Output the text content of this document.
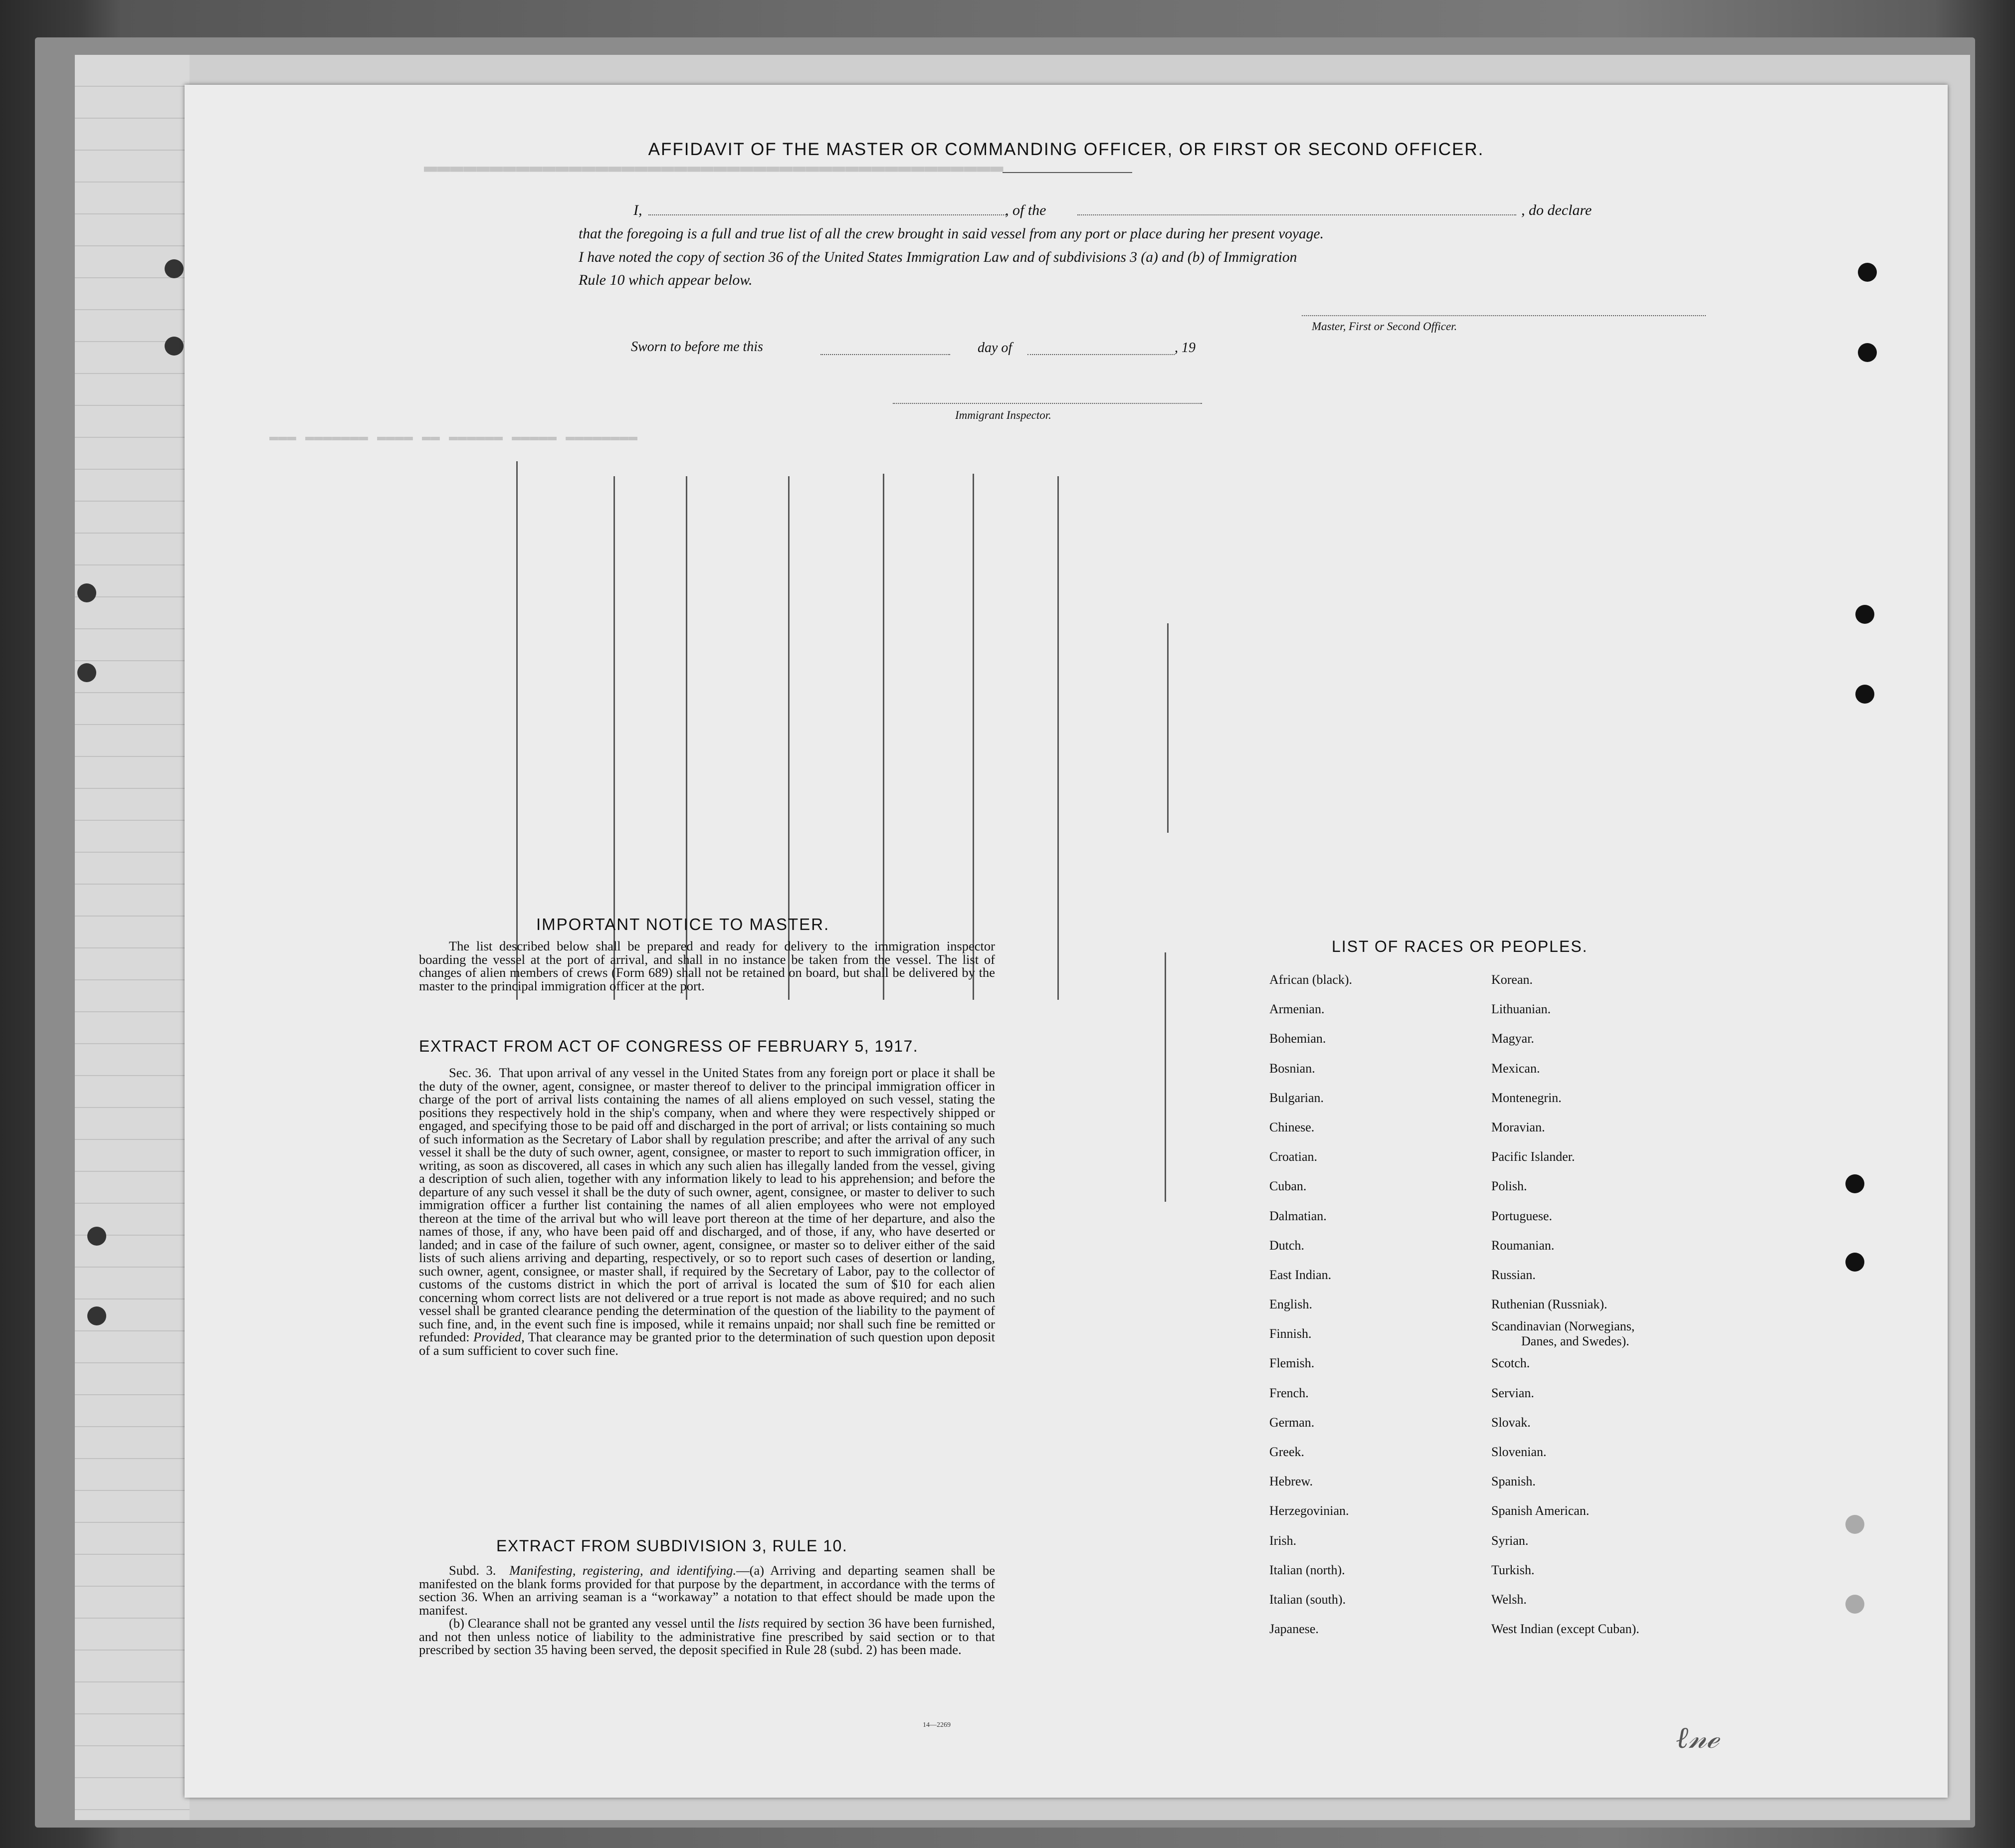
▬▬▬▬▬▬▬▬▬▬▬▬▬▬▬▬▬▬▬▬▬▬▬▬▬▬▬▬▬▬▬▬▬▬▬▬▬▬▬▬▬▬▬▬
▬▬▬ ▬▬▬▬▬▬▬ ▬▬▬▬ ▬▬ ▬▬▬▬▬▬ ▬▬▬▬▬ ▬▬▬▬▬▬▬▬
AFFIDAVIT OF THE MASTER OR COMMANDING OFFICER, OR FIRST OR SECOND OFFICER.
I,	, of the	, do declare
that the foregoing is a full and true list of all the crew brought in said vessel from any port or place during her present voyage.
I have noted the copy of section 36 of the United States Immigration Law and of subdivisions 3 (a) and (b) of Immigration
Rule 10 which appear below.
Master, First or Second Officer.
Sworn to before me this	day of	, 19
Immigrant Inspector.
IMPORTANT NOTICE TO MASTER.

The list described below shall be prepared and ready for delivery to the immigration inspector boarding the vessel at the port of arrival, and shall in no instance be taken from the vessel. The list of changes of alien members of crews (Form 689) shall not be retained on board, but shall be delivered by the master to the principal immigration officer at the port.

EXTRACT FROM ACT OF CONGRESS OF FEBRUARY 5, 1917.

Sec. 36. That upon arrival of any vessel in the United States from any foreign port or place it shall be the duty of the owner, agent, consignee, or master thereof to deliver to the principal immigration officer in charge of the port of arrival lists containing the names of all aliens employed on such vessel, stating the positions they respectively hold in the ship's company, when and where they were respectively shipped or engaged, and specifying those to be paid off and discharged in the port of arrival; or lists containing so much of such information as the Secretary of Labor shall by regulation prescribe; and after the arrival of any such vessel it shall be the duty of such owner, agent, consignee, or master to report to such immigration officer, in writing, as soon as discovered, all cases in which any such alien has illegally landed from the vessel, giving a description of such alien, together with any information likely to lead to his apprehension; and before the departure of any such vessel it shall be the duty of such owner, agent, consignee, or master to deliver to such immigration officer a further list containing the names of all alien employees who were not employed thereon at the time of the arrival but who will leave port thereon at the time of her departure, and also the names of those, if any, who have been paid off and discharged, and of those, if any, who have deserted or landed; and in case of the failure of such owner, agent, consignee, or master so to deliver either of the said lists of such aliens arriving and departing, respectively, or so to report such cases of desertion or landing, such owner, agent, consignee, or master shall, if required by the Secretary of Labor, pay to the collector of customs of the customs district in which the port of arrival is located the sum of $10 for each alien concerning whom correct lists are not delivered or a true report is not made as above required; and no such vessel shall be granted clearance pending the determination of the question of the liability to the payment of such fine, and, in the event such fine is imposed, while it remains unpaid; nor shall such fine be remitted or refunded: Provided, That clearance may be granted prior to the determination of such question upon deposit of a sum sufficient to cover such fine.

EXTRACT FROM SUBDIVISION 3, RULE 10.

Subd. 3. Manifesting, registering, and identifying.—(a) Arriving and departing seamen shall be manifested on the blank forms provided for that purpose by the department, in accordance with the terms of section 36. When an arriving seaman is a “workaway” a notation to that effect should be made upon the manifest.

(b) Clearance shall not be granted any vessel until the lists required by section 36 have been furnished, and not then unless notice of liability to the administrative fine prescribed by said section or to that prescribed by section 35 having been served, the deposit specified in Rule 28 (subd. 2) has been made.

14—2269
LIST OF RACES OR PEOPLES.
African (black).
Armenian.
Bohemian.
Bosnian.
Bulgarian.
Chinese.
Croatian.
Cuban.
Dalmatian.
Dutch.
East Indian.
English.
Finnish.
Flemish.
French.
German.
Greek.
Hebrew.
Herzegovinian.
Irish.
Italian (north).
Italian (south).
Japanese.
Korean.
Lithuanian.
Magyar.
Mexican.
Montenegrin.
Moravian.
Pacific Islander.
Polish.
Portuguese.
Roumanian.
Russian.
Ruthenian (Russniak).
Scandinavian (Norwegians,
Danes, and Swedes).
Scotch.
Servian.
Slovak.
Slovenian.
Spanish.
Spanish American.
Syrian.
Turkish.
Welsh.
West Indian (except Cuban).
ℓ𝓃ℯ
